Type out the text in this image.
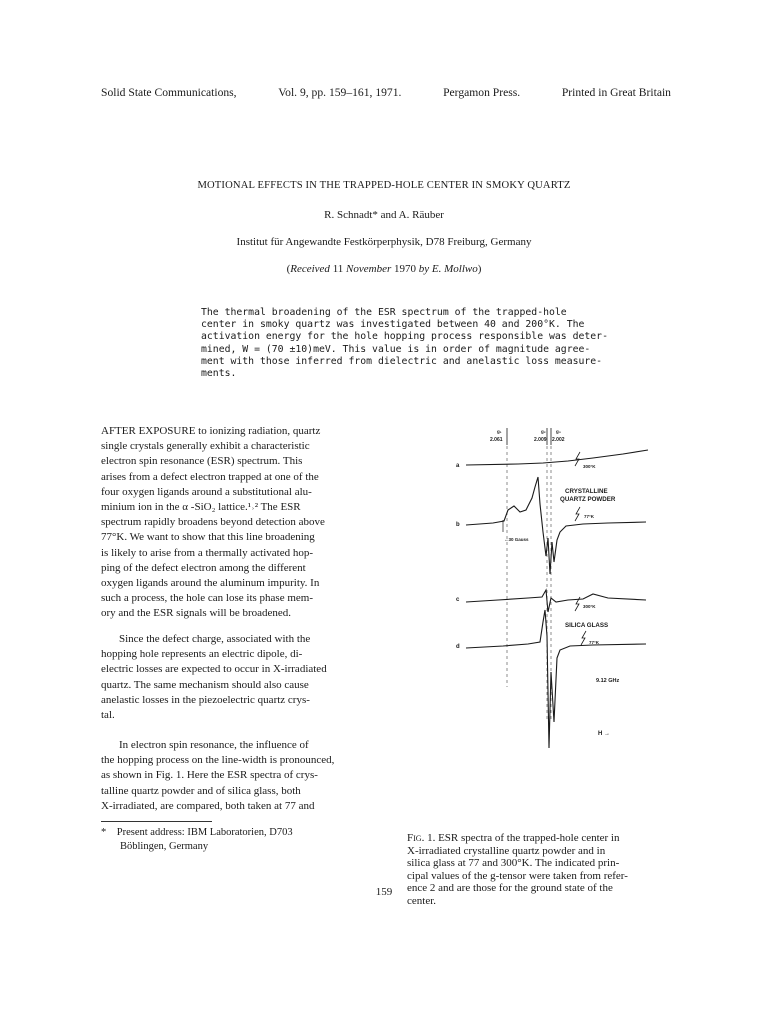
Solid State Communications,	Vol. 9, pp. 159–161, 1971.	Pergamon Press.	Printed in Great Britain
MOTIONAL EFFECTS IN THE TRAPPED-HOLE CENTER IN SMOKY QUARTZ
R. Schnadt* and A. Räuber
Institut für Angewandte Festkörperphysik, D78 Freiburg, Germany
(Received 11 November 1970 by E. Mollwo)
The thermal broadening of the ESR spectrum of the trapped-hole
center in smoky quartz was investigated between 40 and 200°K. The
activation energy for the hole hopping process responsible was deter-
mined, W = (70 ±10)meV. This value is in order of magnitude agree-
ment with those inferred from dielectric and anelastic loss measure-
ments.
AFTER EXPOSURE to ionizing radiation, quartz
single crystals generally exhibit a characteristic
electron spin resonance (ESR) spectrum. This
arises from a defect electron trapped at one of the
four oxygen ligands around a substitutional alu-
minium ion in the α -SiO₂ lattice.¹˒² The ESR
spectrum rapidly broadens beyond detection above
77°K. We want to show that this line broadening
is likely to arise from a thermally activated hop-
ping of the defect electron among the different
oxygen ligands around the aluminum impurity. In
such a process, the hole can lose its phase mem-
ory and the ESR signals will be broadened.
Since the defect charge, associated with the
hopping hole represents an electric dipole, di-
electric losses are expected to occur in X-irradiated
quartz. The same mechanism should also cause
anelastic losses in the piezoelectric quartz crys-
tal.
In electron spin resonance, the influence of
the hopping process on the line-width is pronounced,
as shown in Fig. 1. Here the ESR spectra of crys-
talline quartz powder and of silica glass, both
X-irradiated, are compared, both taken at 77 and
* Present address: IBM Laboratorien, D703
Böblingen, Germany
g₁
2.061
g₂
2.009
g₃
2.002
a
b
c
d
300°K
CRYSTALLINE
QUARTZ POWDER
77°K
↔30 Gauss
300°K
SILICA GLASS
77°K
9.12 GHz
H →
Fig. 1. ESR spectra of the trapped-hole center in
X-irradiated crystalline quartz powder and in
silica glass at 77 and 300°K. The indicated prin-
cipal values of the g-tensor were taken from refer-
ence 2 and are those for the ground state of the
center.
159
